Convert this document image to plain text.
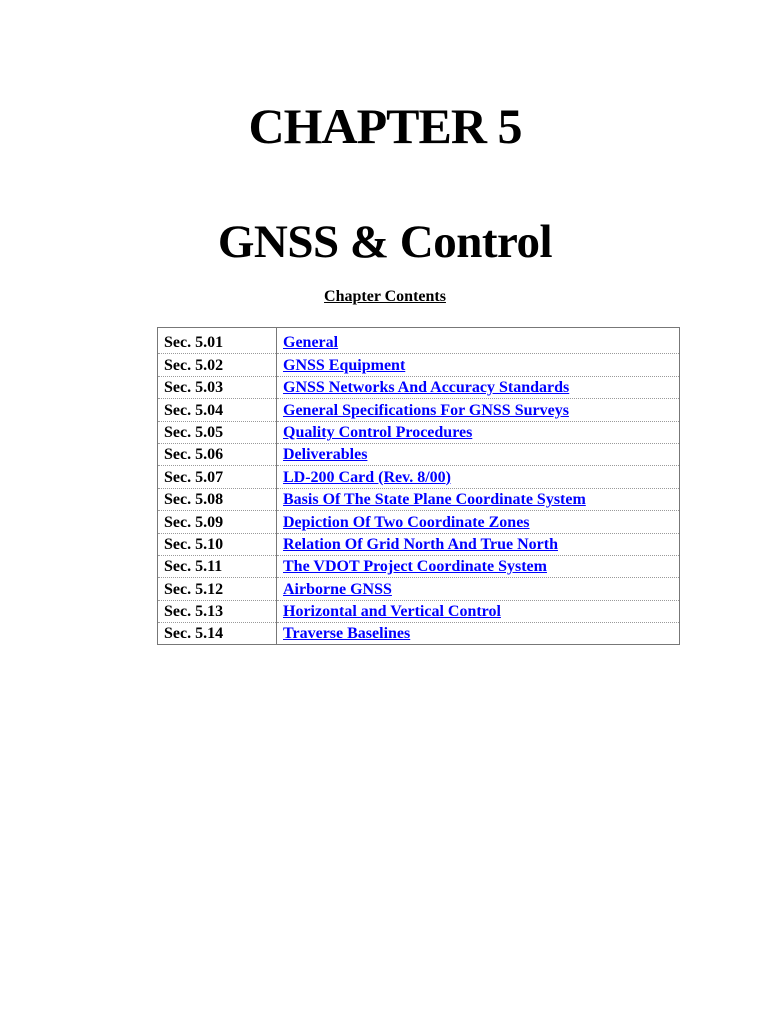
CHAPTER 5
GNSS & Control
Chapter Contents
Sec. 5.01	General
Sec. 5.02	GNSS Equipment
Sec. 5.03	GNSS Networks And Accuracy Standards
Sec. 5.04	General Specifications For GNSS Surveys
Sec. 5.05	Quality Control Procedures
Sec. 5.06	Deliverables
Sec. 5.07	LD-200 Card (Rev. 8/00)
Sec. 5.08	Basis Of The State Plane Coordinate System
Sec. 5.09	Depiction Of Two Coordinate Zones
Sec. 5.10	Relation Of Grid North And True North
Sec. 5.11	The VDOT Project Coordinate System
Sec. 5.12	Airborne GNSS
Sec. 5.13	Horizontal and Vertical Control
Sec. 5.14	Traverse Baselines
